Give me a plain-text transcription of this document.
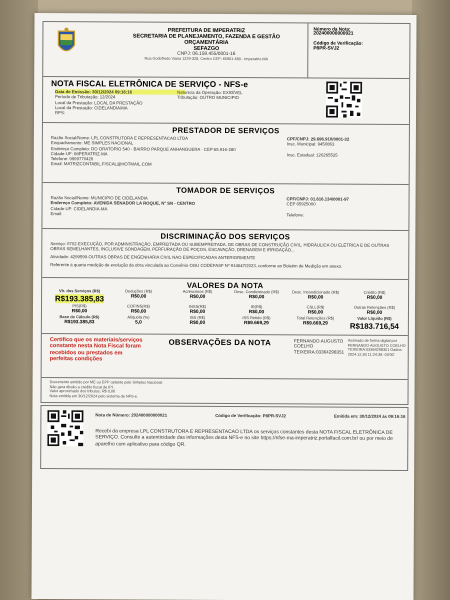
PREFEITURA DE IMPERATRIZ
SECRETARIA DE PLANEJAMENTO, FAZENDA E GESTÃO ORÇAMENTÁRIA
SEFAZGO
CNPJ: 06.158.455/0001-16
Rua Godofredo Viana 1229-328, Centro CEP: 65901-480 - Imperatriz-MA
Número da Nota:
202400000000021
Código de Verificação:
P8PR-SVJ2
NOTA FISCAL ELETRÔNICA DE SERVIÇO - NFS-e
Data de Emissão: 30/12/2024 09:16:16
Período de Tributação: 12/2024
Local da Prestação: LOCAL DA PRESTAÇÃO
Local da Prestação: CIDELANDIA/MA
RPS:
Natureza da Operação: EXIGÍVEL
Tributação: OUTRO MUNICIPIO
PRESTADOR DE SERVIÇOS
Razão Social/Nome: LPL CONSTRUTORA E REPRESENTACAO LTDA
Enquadramento: ME SIMPLES NACIONAL
Endereço Completo: DO ORATORIO 540 - BAIRRO PARQUE ANHANGUERA - CEP:65.916-280
Cidade-UF: IMPERATRIZ-MA
Telefone: 9999770426
Email: MATRIZCONTABIL.FISCAL@HOTMAIL.COM
CPF/CNPJ: 29.696.910/0001-32
Insc. Municipal: 9450863
Insc. Estadual: 126265525
TOMADOR DE SERVIÇOS
Razão Social/Nome: MUNICIPIO DE CIDELANDIA
Endereço Completo: AVENIDA SENADOR LA ROQUE, Nº SN - CENTRO
Cidade-UF: CIDELANDIA-MA
Email:
CPF/CNPJ: 01.616.134/0001-97
CEP 65925000
Telefone:
DISCRIMINAÇÃO DOS SERVIÇOS
Serviço: 0702-EXECUÇÃO, POR ADMINISTRAÇÃO, EMPREITADA OU SUBEMPREITADA, DE OBRAS DE CONSTRUÇÃO CIVIL, HIDRÁULICA OU ELÉTRICA E DE OUTRAS OBRAS SEMELHANTES, INCLUSIVE SONDAGEM, PERFURAÇÃO DE POÇOS, ESCAVAÇÃO, DRENAGEM E IRRIGAÇÃO...
Atividade: 4299599-OUTRAS OBRAS DE ENGENHARIA CIVIL NAO ESPECIFICADAS ANTERIORMENTE
Referente à quarta medição de evolução da obra vinculada ao Convênio OGU CODEFASF Nº 914647/2023, conforme ao Boletim de Medição em anexo.
VALORES DA NOTA
Vlr. dos Serviços (R$)	Deduções (R$)	Acréscimos (R$)	Desc. Condicionado (R$)	Desc. Incondicionado (R$)	Crédito (R$)
R$193.385,83	R$0,00	R$0,00	R$0,00	R$0,00	R$0,00
PIS(R$)	COFINS(R$)	INSS(R$)	IR(R$)	CSLL(R$)	Outras Retenções (R$)
R$0,00	R$0,00	R$0,00	R$0,00	R$0,00	R$0,00
Base de Cálculo (R$)	Alíquota (%)	ISS (R$)	ISS Retido (R$)	Total Retenções (R$)	Valor Líquido (R$)
R$193.385,83	5,0	R$0,00	R$9.669,29	R$9.669,29	R$183.716,54
Certifico que os materiais/serviços constante nesta Nota Fiscal foram recebidos ou prestados em perfeitas condições
OBSERVAÇÕES DA NOTA	FERNANDO AUGUSTO COELHO TEIXEIRA:03364298351
Assinado de forma digital por FERNANDO AUGUSTO COELHO TEIXEIRA:03364298351 Dados: 2024.12.30 11:24:38 -03'00'
Documento emitido por ME ou EPP optante pelo Simples Nacional.
Não gera direito a crédito fiscal de IPI.
Valor aproximado dos tributos: R$ 0,00
Nota emitida em 30/12/2024 pelo sistema de NFS-e.
Nota de Número: 202400000000021	Código de Verificação: P8PR-SVJ2	Emitida em: 30/12/2024 às 09:16:16
Recebi da empresa LPL CONSTRUTORA E REPRESENTACAO LTDA os serviços constantes desta NOTA FISCAL ELETRÔNICA DE SERVIÇO. Consulte a autenticidade das informações desta NFS-e no site https://nfse-ma-imperatriz.portalfacil.com.br/ ou por meio de aparelho com aplicativo para código QR.
